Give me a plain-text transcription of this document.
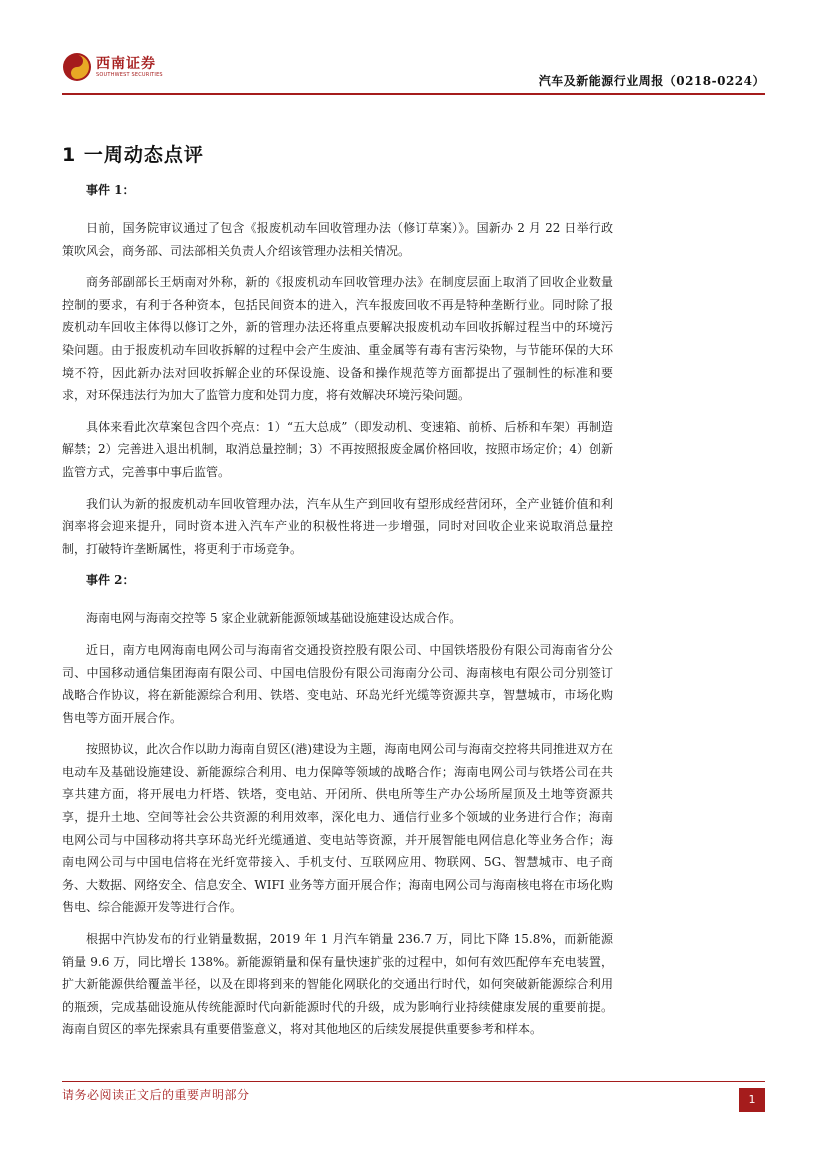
西南证券
SOUTHWEST SECURITIES	汽车及新能源行业周报（0218-0224）
1 一周动态点评
事件 1：

日前，国务院审议通过了包含《报废机动车回收管理办法（修订草案）》。国新办 2 月 22 日举行政策吹风会，商务部、司法部相关负责人介绍该管理办法相关情况。

商务部副部长王炳南对外称，新的《报废机动车回收管理办法》在制度层面上取消了回收企业数量控制的要求，有利于各种资本，包括民间资本的进入，汽车报废回收不再是特种垄断行业。同时除了报废机动车回收主体得以修订之外，新的管理办法还将重点要解决报废机动车回收拆解过程当中的环境污染问题。由于报废机动车回收拆解的过程中会产生废油、重金属等有毒有害污染物，与节能环保的大环境不符，因此新办法对回收拆解企业的环保设施、设备和操作规范等方面都提出了强制性的标准和要求，对环保违法行为加大了监管力度和处罚力度，将有效解决环境污染问题。

具体来看此次草案包含四个亮点：1）“五大总成”（即发动机、变速箱、前桥、后桥和车架）再制造解禁；2）完善进入退出机制，取消总量控制；3）不再按照报废金属价格回收，按照市场定价；4）创新监管方式，完善事中事后监管。

我们认为新的报废机动车回收管理办法，汽车从生产到回收有望形成经营闭环，全产业链价值和利润率将会迎来提升，同时资本进入汽车产业的积极性将进一步增强，同时对回收企业来说取消总量控制，打破特许垄断属性，将更利于市场竞争。

事件 2：

海南电网与海南交控等 5 家企业就新能源领域基础设施建设达成合作。

近日，南方电网海南电网公司与海南省交通投资控股有限公司、中国铁塔股份有限公司海南省分公司、中国移动通信集团海南有限公司、中国电信股份有限公司海南分公司、海南核电有限公司分别签订战略合作协议，将在新能源综合利用、铁塔、变电站、环岛光纤光缆等资源共享，智慧城市，市场化购售电等方面开展合作。

按照协议，此次合作以助力海南自贸区(港)建设为主题，海南电网公司与海南交控将共同推进双方在电动车及基础设施建设、新能源综合利用、电力保障等领域的战略合作；海南电网公司与铁塔公司在共享共建方面，将开展电力杆塔、铁塔，变电站、开闭所、供电所等生产办公场所屋顶及土地等资源共享，提升土地、空间等社会公共资源的利用效率，深化电力、通信行业多个领域的业务进行合作；海南电网公司与中国移动将共享环岛光纤光缆通道、变电站等资源，并开展智能电网信息化等业务合作；海南电网公司与中国电信将在光纤宽带接入、手机支付、互联网应用、物联网、5G、智慧城市、电子商务、大数据、网络安全、信息安全、WIFI 业务等方面开展合作；海南电网公司与海南核电将在市场化购售电、综合能源开发等进行合作。

根据中汽协发布的行业销量数据，2019 年 1 月汽车销量 236.7 万，同比下降 15.8%，而新能源销量 9.6 万，同比增长 138%。新能源销量和保有量快速扩张的过程中，如何有效匹配停车充电装置，扩大新能源供给覆盖半径，以及在即将到来的智能化网联化的交通出行时代，如何突破新能源综合利用的瓶颈，完成基础设施从传统能源时代向新能源时代的升级，成为影响行业持续健康发展的重要前提。海南自贸区的率先探索具有重要借鉴意义，将对其他地区的后续发展提供重要参考和样本。

请务必阅读正文后的重要声明部分	1
